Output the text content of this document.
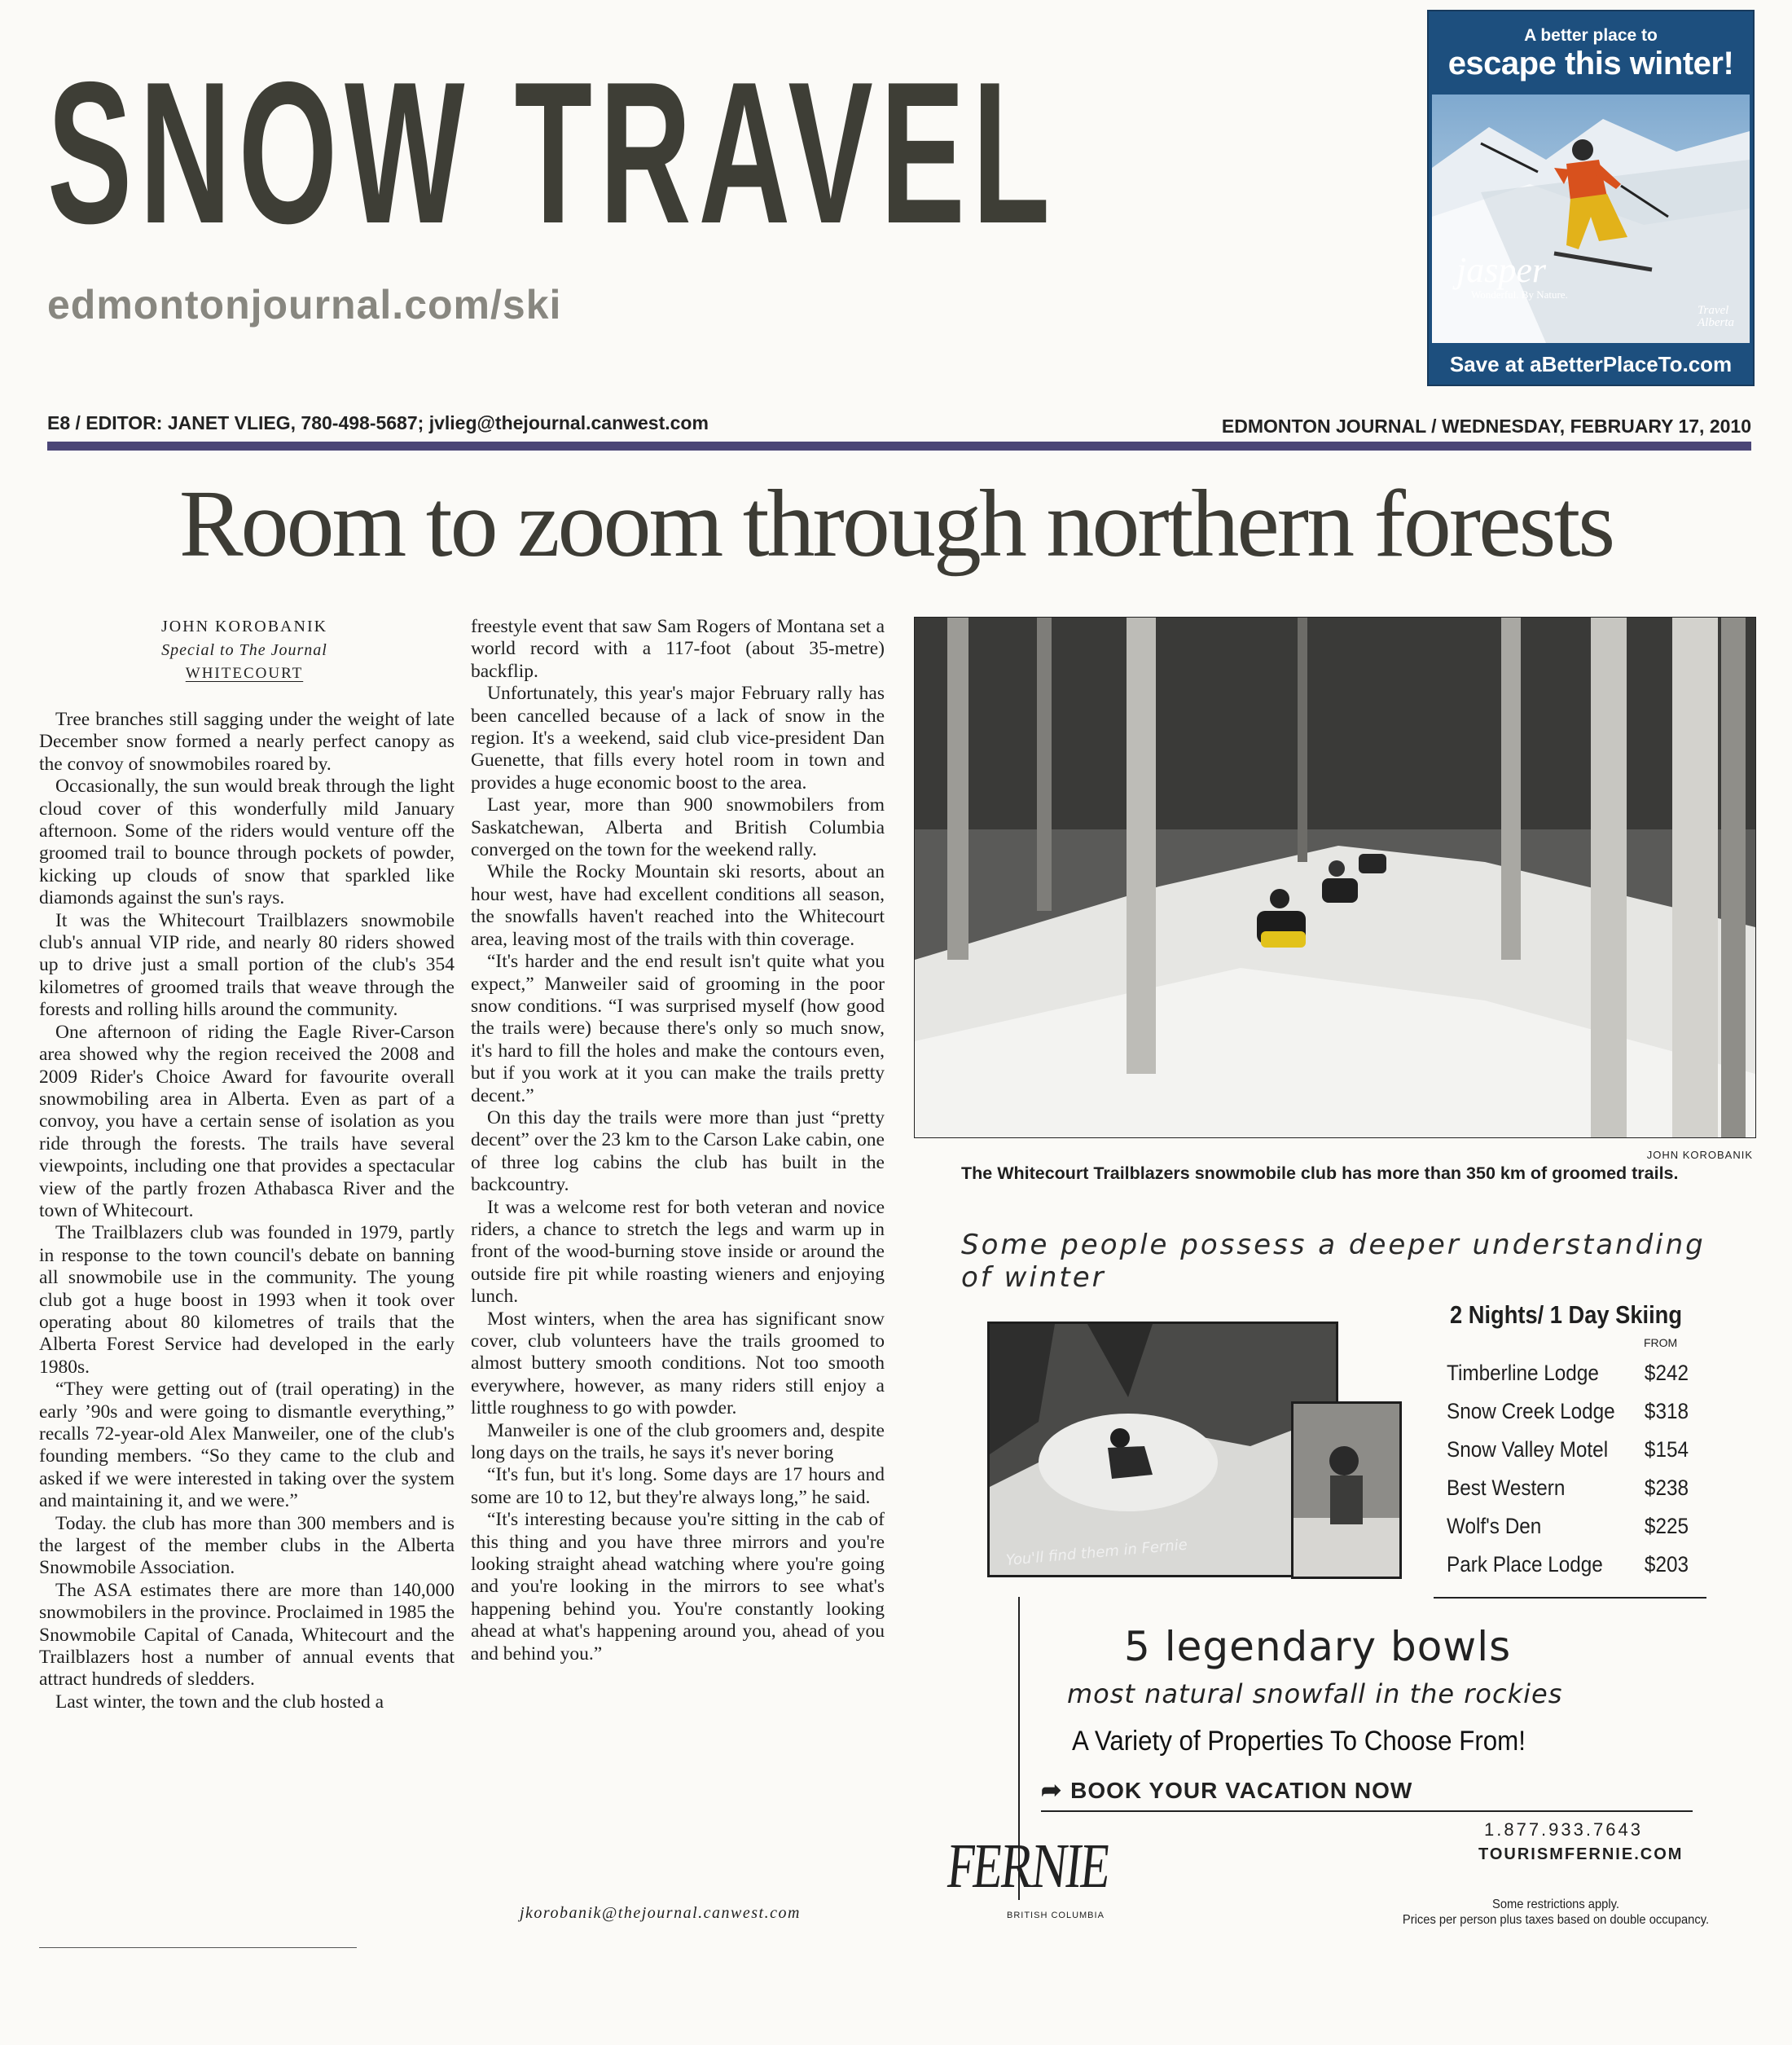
SNOW TRAVEL
edmontonjournal.com/ski
A better place to
escape this winter!
jasper
Wonderful. By Nature.
Travel
Alberta
Save at aBetterPlaceTo.com
E8 / EDITOR: JANET VLIEG, 780-498-5687; jvlieg@thejournal.canwest.com	EDMONTON JOURNAL / WEDNESDAY, FEBRUARY 17, 2010
Room to zoom through northern forests
JOHN KOROBANIK
Special to The Journal
WHITECOURT

Tree branches still sagging under the weight of late December snow formed a nearly perfect canopy as the convoy of snowmobiles roared by.

Occasionally, the sun would break through the light cloud cover of this wonderfully mild January afternoon. Some of the riders would venture off the groomed trail to bounce through pockets of powder, kicking up clouds of snow that sparkled like diamonds against the sun's rays.

It was the Whitecourt Trailblazers snowmobile club's annual VIP ride, and nearly 80 riders showed up to drive just a small portion of the club's 354 kilometres of groomed trails that weave through the forests and rolling hills around the community.

One afternoon of riding the Eagle River-Carson area showed why the region received the 2008 and 2009 Rider's Choice Award for favourite overall snowmobiling area in Alberta. Even as part of a convoy, you have a certain sense of isolation as you ride through the forests. The trails have several viewpoints, including one that provides a spectacular view of the partly frozen Athabasca River and the town of Whitecourt.

The Trailblazers club was founded in 1979, partly in response to the town council's debate on banning all snowmobile use in the community. The young club got a huge boost in 1993 when it took over operating about 80 kilometres of trails that the Alberta Forest Service had developed in the early 1980s.

“They were getting out of (trail operating) in the early ’90s and were going to dismantle everything,” recalls 72-year-old Alex Manweiler, one of the club's founding members. “So they came to the club and asked if we were interested in taking over the system and maintaining it, and we were.”

Today. the club has more than 300 members and is the largest of the member clubs in the Alberta Snowmobile Association.

The ASA estimates there are more than 140,000 snowmobilers in the province. Proclaimed in 1985 the Snowmobile Capital of Canada, Whitecourt and the Trailblazers host a number of annual events that attract hundreds of sledders.

Last winter, the town and the club hosted a

freestyle event that saw Sam Rogers of Montana set a world record with a 117-foot (about 35-metre) backflip.

Unfortunately, this year's major February rally has been cancelled because of a lack of snow in the region. It's a weekend, said club vice-president Dan Guenette, that fills every hotel room in town and provides a huge economic boost to the area.

Last year, more than 900 snowmobilers from Saskatchewan, Alberta and British Columbia converged on the town for the weekend rally.

While the Rocky Mountain ski resorts, about an hour west, have had excellent conditions all season, the snowfalls haven't reached into the Whitecourt area, leaving most of the trails with thin coverage.

“It's harder and the end result isn't quite what you expect,” Manweiler said of grooming in the poor snow conditions. “I was surprised myself (how good the trails were) because there's only so much snow, it's hard to fill the holes and make the contours even, but if you work at it you can make the trails pretty decent.”

On this day the trails were more than just “pretty decent” over the 23 km to the Carson Lake cabin, one of three log cabins the club has built in the backcountry.

It was a welcome rest for both veteran and novice riders, a chance to stretch the legs and warm up in front of the wood-burning stove inside or around the outside fire pit while roasting wieners and enjoying lunch.

Most winters, when the area has significant snow cover, club volunteers have the trails groomed to almost buttery smooth conditions. Not too smooth everywhere, however, as many riders still enjoy a little roughness to go with powder.

Manweiler is one of the club groomers and, despite long days on the trails, he says it's never boring

“It's fun, but it's long. Some days are 17 hours and some are 10 to 12, but they're always long,” he said.

“It's interesting because you're sitting in the cab of this thing and you have three mirrors and you're looking straight ahead watching where you're going and you're looking in the mirrors to see what's happening behind you. You're constantly looking ahead at what's happening around you, ahead of you and behind you.”

jkorobanik@thejournal.canwest.com
JOHN KOROBANIK
The Whitecourt Trailblazers snowmobile club has more than 350 km of groomed trails.
Some people possess a deeper understanding of winter
You'll find them in Fernie
2 Nights/ 1 Day Skiing
FROM
Timberline Lodge $242
Snow Creek Lodge $318
Snow Valley Motel $154
Best Western	$238
Wolf's Den	$225
Park Place Lodge $203
5 legendary bowls
most natural snowfall in the rockies
A Variety of Properties To Choose From!
➦ BOOK YOUR VACATION NOW
1.877.933.7643
TOURISMFERNIE.COM
FERNIE
BRITISH COLUMBIA
Some restrictions apply.
Prices per person plus taxes based on double occupancy.
